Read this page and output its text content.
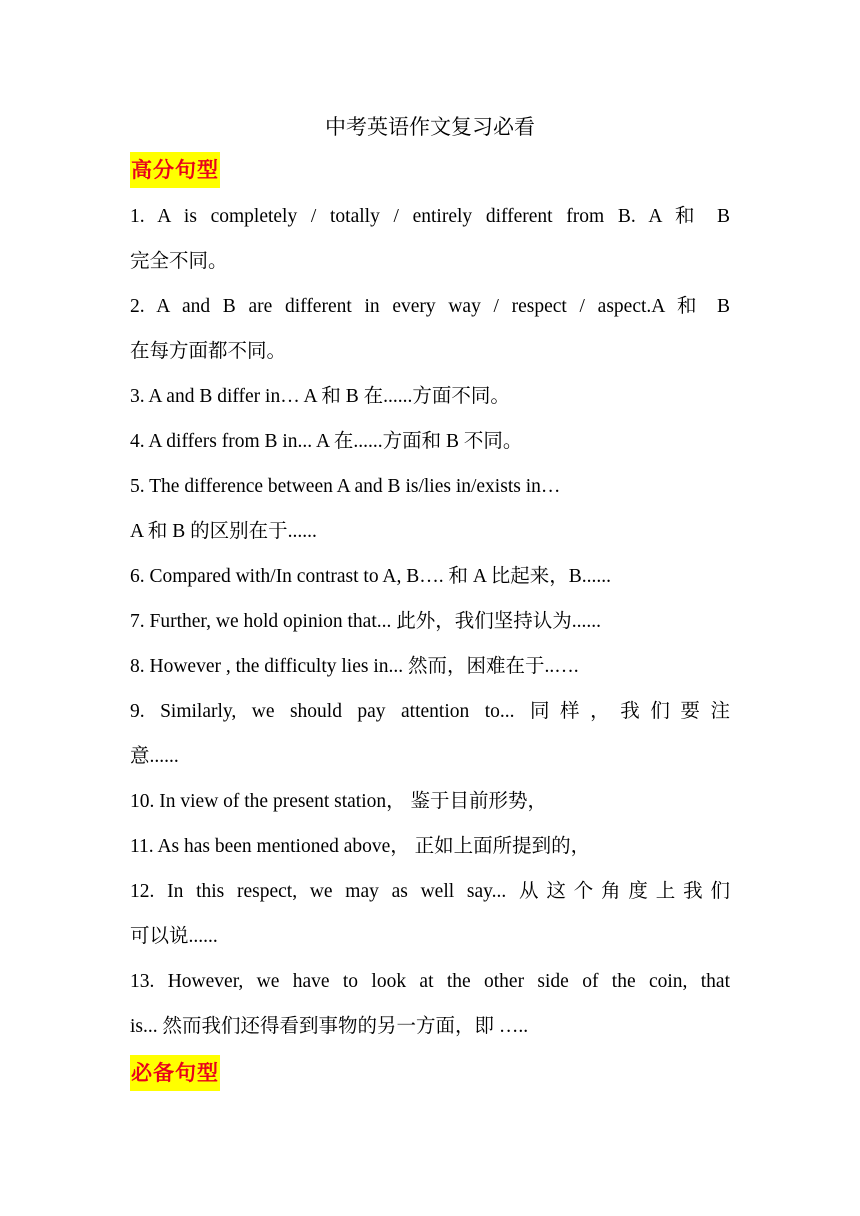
中考英语作文复习必看
高分句型
1. A is completely / totally / entirely different from B. A 和 B
完全不同。
2. A and B are different in every way / respect / aspect.A 和 B
在每方面都不同。
3. A and B differ in… A 和 B 在......方面不同。
4. A differs from B in... A 在......方面和 B 不同。
5. The difference between A and B is/lies in/exists in…
A 和 B 的区别在于......
6. Compared with/In contrast to A, B…. 和 A 比起来，B......
7. Further, we hold opinion that... 此外，我们坚持认为......
8. However , the difficulty lies in... 然而，困难在于..….
9. Similarly, we should pay attention to... 同样，我们要注
意......
10. In view of the present station， 鉴于目前形势，
11. As has been mentioned above， 正如上面所提到的，
12. In this respect, we may as well say... 从这个角度上我们
可以说......
13. However, we have to look at the other side of the coin, that
is... 然而我们还得看到事物的另一方面，即 …..
必备句型
